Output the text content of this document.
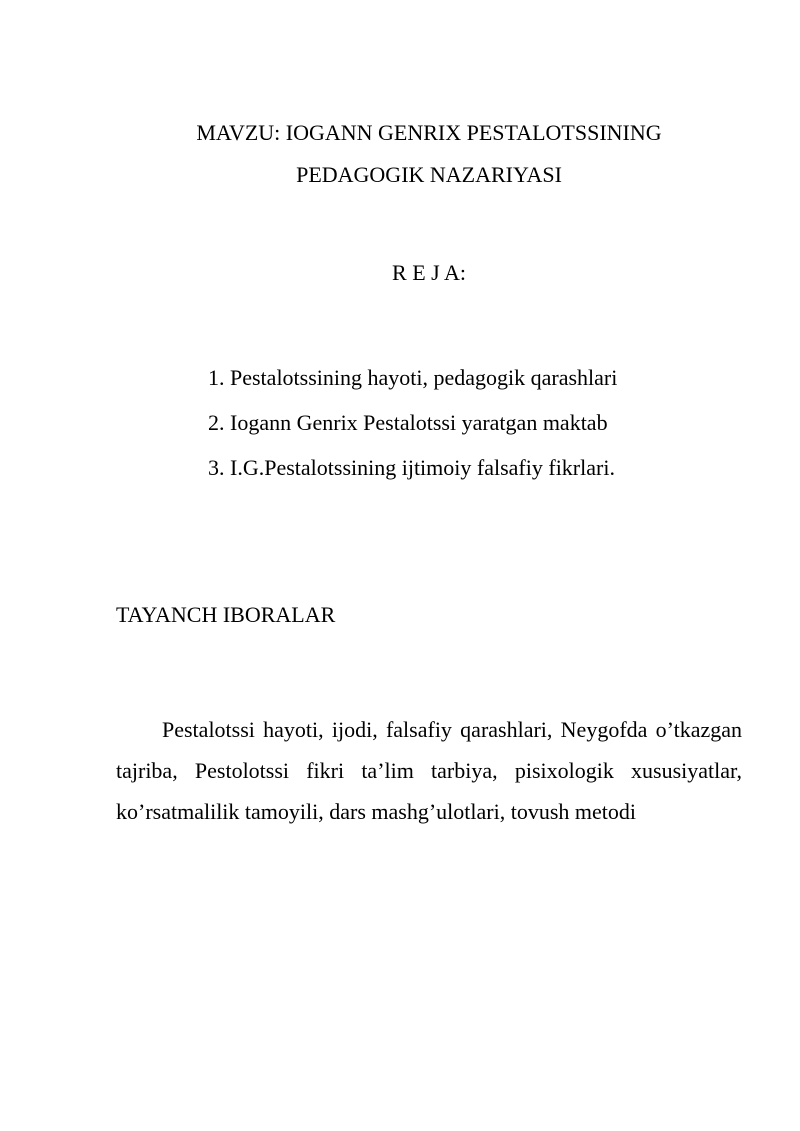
MAVZU: IOGANN GENRIX PESTALOTSSINING
PEDAGOGIK NAZARIYASI
R E J A:
1. Pestalotssining hayoti, pedagogik qarashlari
2. Iogann Genrix Pestalotssi yaratgan maktab
3. I.G.Pestalotssining ijtimoiy falsafiy fikrlari.
TAYANCH IBORALAR

Pestalotssi hayoti, ijodi, falsafiy qarashlari, Neygofda o’tkazgan tajriba, Pestolotssi fikri ta’lim tarbiya, pisixologik xususiyatlar, ko’rsatmalilik tamoyili, dars mashg’ulotlari, tovush metodi
